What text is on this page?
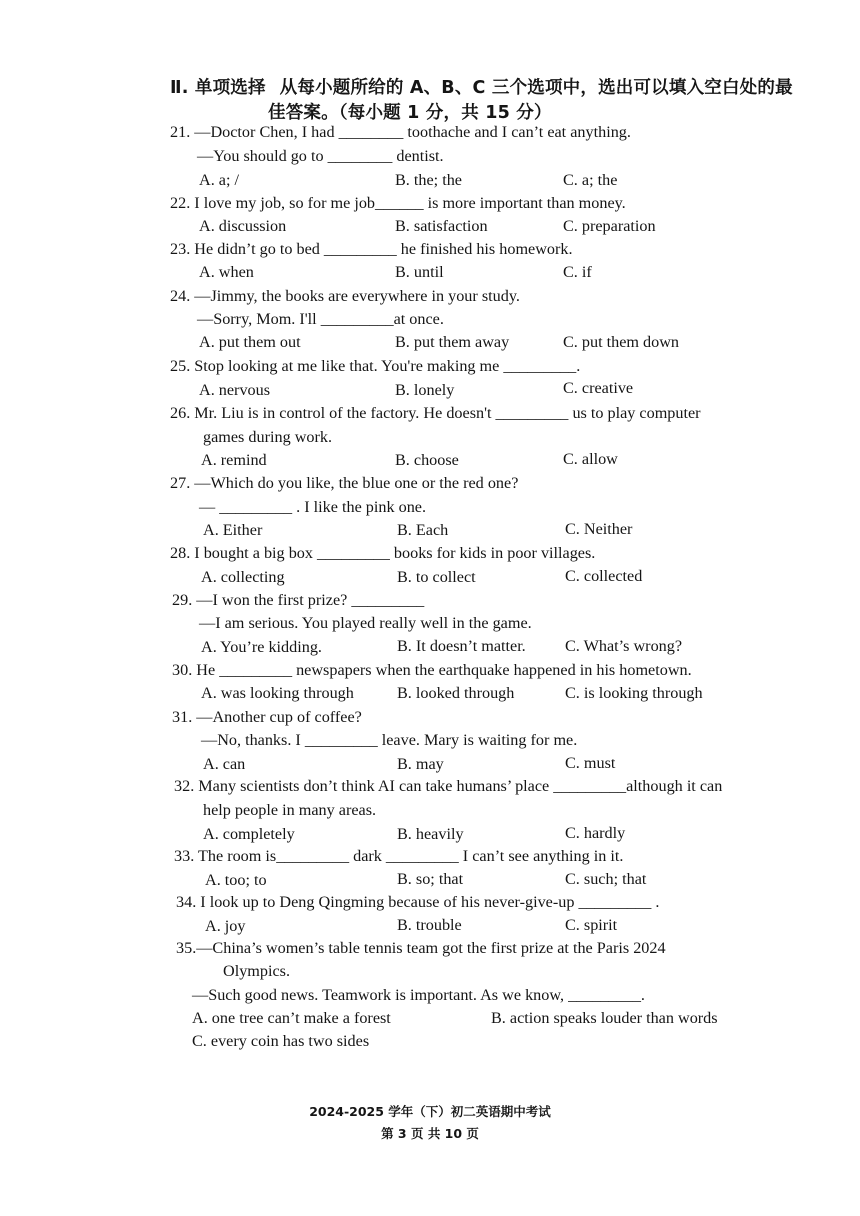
Ⅱ. 单项选择 从每小题所给的 A、B、C 三个选项中，选出可以填入空白处的最
佳答案。（每小题 1 分，共 15 分）
21. —Doctor Chen, I had ________ toothache and I can’t eat anything.
—You should go to ________ dentist.
A. a; /	B. the; the	C. a; the
22. I love my job, so for me job______ is more important than money.
A. discussion	B. satisfaction	C. preparation
23. He didn’t go to bed _________ he finished his homework.
A. when	B. until	C. if
24. —Jimmy, the books are everywhere in your study.
—Sorry, Mom. I'll _________at once.
A. put them out	B. put them away	C. put them down
25. Stop looking at me like that. You're making me _________.
A. nervous	B. lonely	C. creative
26. Mr. Liu is in control of the factory. He doesn't _________ us to play computer
games during work.
A. remind	B. choose	C. allow
27. —Which do you like, the blue one or the red one?
— _________ . I like the pink one.
A. Either	B. Each	C. Neither
28. I bought a big box _________ books for kids in poor villages.
A. collecting	B. to collect	C. collected
29. —I won the first prize? _________
—I am serious. You played really well in the game.
A. You’re kidding.	B. It doesn’t matter. C. What’s wrong?
30. He _________ newspapers when the earthquake happened in his hometown.
A. was looking through	B. looked through	C. is looking through
31. —Another cup of coffee?
—No, thanks. I _________ leave. Mary is waiting for me.
A. can	B. may	C. must
32. Many scientists don’t think AI can take humans’ place _________although it can
help people in many areas.
A. completely	B. heavily	C. hardly
33. The room is_________ dark _________ I can’t see anything in it.
A. too; to	B. so; that	C. such; that
34. I look up to Deng Qingming because of his never-give-up _________ .
A. joy	B. trouble	C. spirit
35.—China’s women’s table tennis team got the first prize at the Paris 2024
Olympics.
—Such good news. Teamwork is important. As we know, _________.
A. one tree can’t make a forest	B. action speaks louder than words
C. every coin has two sides
2024-2025 学年（下）初二英语期中考试
第 3 页 共 10 页
